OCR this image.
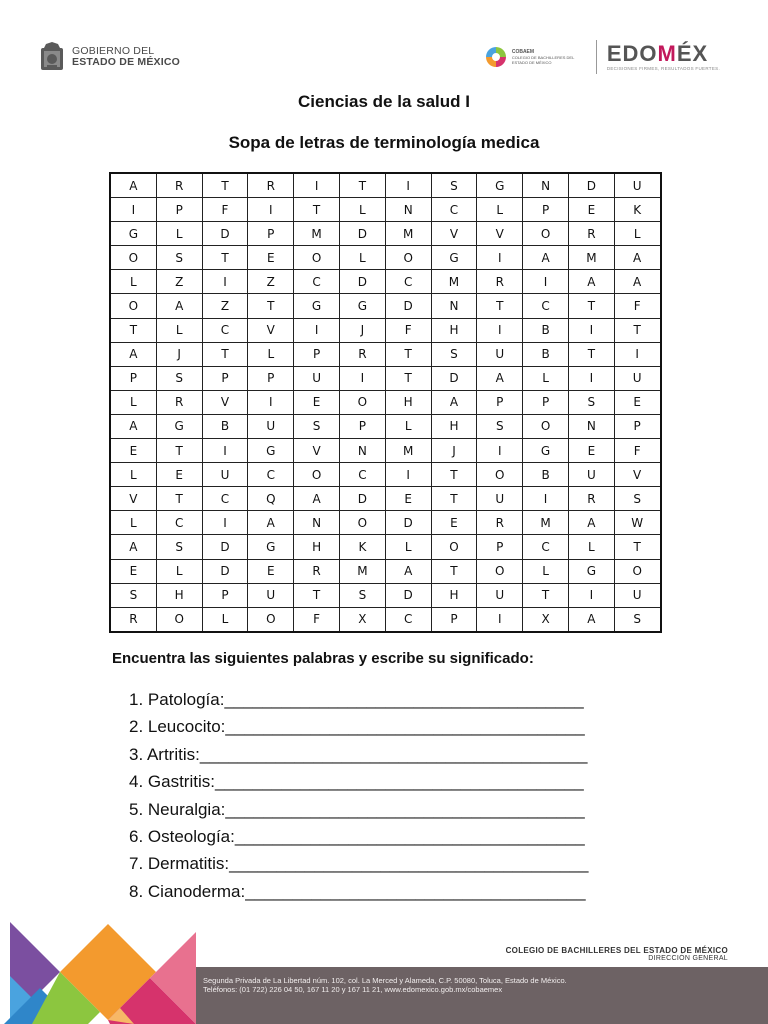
GOBIERNO DEL
ESTADO DE MÉXICO
COBAEM
COLEGIO DE BACHILLERES DEL
ESTADO DE MÉXICO	EDOMÉX
DECISIONES FIRMES, RESULTADOS FUERTES.
Ciencias de la salud I
Sopa de letras de terminología medica
A	R	T	R	I	T	I	S	G	N	D	U
I	P	F	I	T	L	N	C	L	P	E	K
G	L	D	P	M	D	M	V	V	O	R	L
O	S	T	E	O	L	O	G	I	A	M	A
L	Z	I	Z	C	D	C	M	R	I	A	A
O	A	Z	T	G	G	D	N	T	C	T	F
T	L	C	V	I	J	F	H	I	B	I	T
A	J	T	L	P	R	T	S	U	B	T	I
P	S	P	P	U	I	T	D	A	L	I	U
L	R	V	I	E	O	H	A	P	P	S	E
A	G	B	U	S	P	L	H	S	O	N	P
E	T	I	G	V	N	M	J	I	G	E	F
L	E	U	C	O	C	I	T	O	B	U	V
V	T	C	Q	A	D	E	T	U	I	R	S
L	C	I	A	N	O	D	E	R	M	A	W
A	S	D	G	H	K	L	O	P	C	L	T
E	L	D	E	R	M	A	T	O	L	G	O
S	H	P	U	T	S	D	H	U	T	I	U
R	O	L	O	F	X	C	P	I	X	A	S
Encuentra las siguientes palabras y escribe su significado:
1. Patología:______________________________________
2. Leucocito:______________________________________
3. Artritis:_________________________________________
4. Gastritis:_______________________________________
5. Neuralgia:______________________________________
6. Osteología:_____________________________________
7. Dermatitis:______________________________________
8. Cianoderma:____________________________________
COLEGIO DE BACHILLERES DEL ESTADO DE MÉXICO
DIRECCIÓN GENERAL
Segunda Privada de La Libertad núm. 102, col. La Merced y Alameda, C.P. 50080, Toluca, Estado de México.
Teléfonos: (01 722) 226 04 50, 167 11 20 y 167 11 21, www.edomexico.gob.mx/cobaemex
